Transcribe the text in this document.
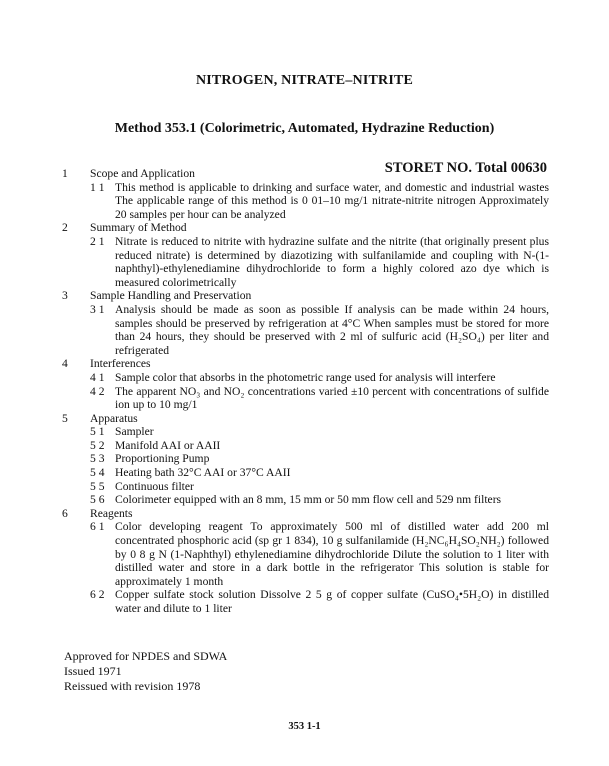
NITROGEN, NITRATE–NITRITE
Method 353.1 (Colorimetric, Automated, Hydrazine Reduction)
STORET NO. Total 00630
1	Scope and Application
1 1 This method is applicable to drinking and surface water, and domestic and industrial wastes The applicable range of this method is 0 01–10 mg/1 nitrate-nitrite nitrogen Approximately 20 samples per hour can be analyzed
2	Summary of Method
2 1 Nitrate is reduced to nitrite with hydrazine sulfate and the nitrite (that originally present plus reduced nitrate) is determined by diazotizing with sulfanilamide and coupling with N-(1-naphthyl)-ethylenediamine dihydrochloride to form a highly colored azo dye which is measured colorimetrically
3	Sample Handling and Preservation
3 1 Analysis should be made as soon as possible If analysis can be made within 24 hours, samples should be preserved by refrigeration at 4°C When samples must be stored for more than 24 hours, they should be preserved with 2 ml of sulfuric acid (H₂SO₄) per liter and refrigerated
4	Interferences
4 1 Sample color that absorbs in the photometric range used for analysis will interfere
4 2 The apparent NO₃ and NO₂ concentrations varied ±10 percent with concentrations of sulfide ion up to 10 mg/1
5	Apparatus
5 1 Sampler
5 2 Manifold AAI or AAII
5 3 Proportioning Pump
5 4 Heating bath 32°C AAI or 37°C AAII
5 5 Continuous filter
5 6 Colorimeter equipped with an 8 mm, 15 mm or 50 mm flow cell and 529 nm filters
6	Reagents
6 1 Color developing reagent To approximately 500 ml of distilled water add 200 ml concentrated phosphoric acid (sp gr 1 834), 10 g sulfanilamide (H₂NC₆H₄SO₂NH₂) followed by 0 8 g N (1-Naphthyl) ethylenediamine dihydrochloride Dilute the solution to 1 liter with distilled water and store in a dark bottle in the refrigerator This solution is stable for approximately 1 month
6 2 Copper sulfate stock solution Dissolve 2 5 g of copper sulfate (CuSO₄•5H₂O) in distilled water and dilute to 1 liter
Approved for NPDES and SDWA
Issued 1971
Reissued with revision 1978
353 1-1
